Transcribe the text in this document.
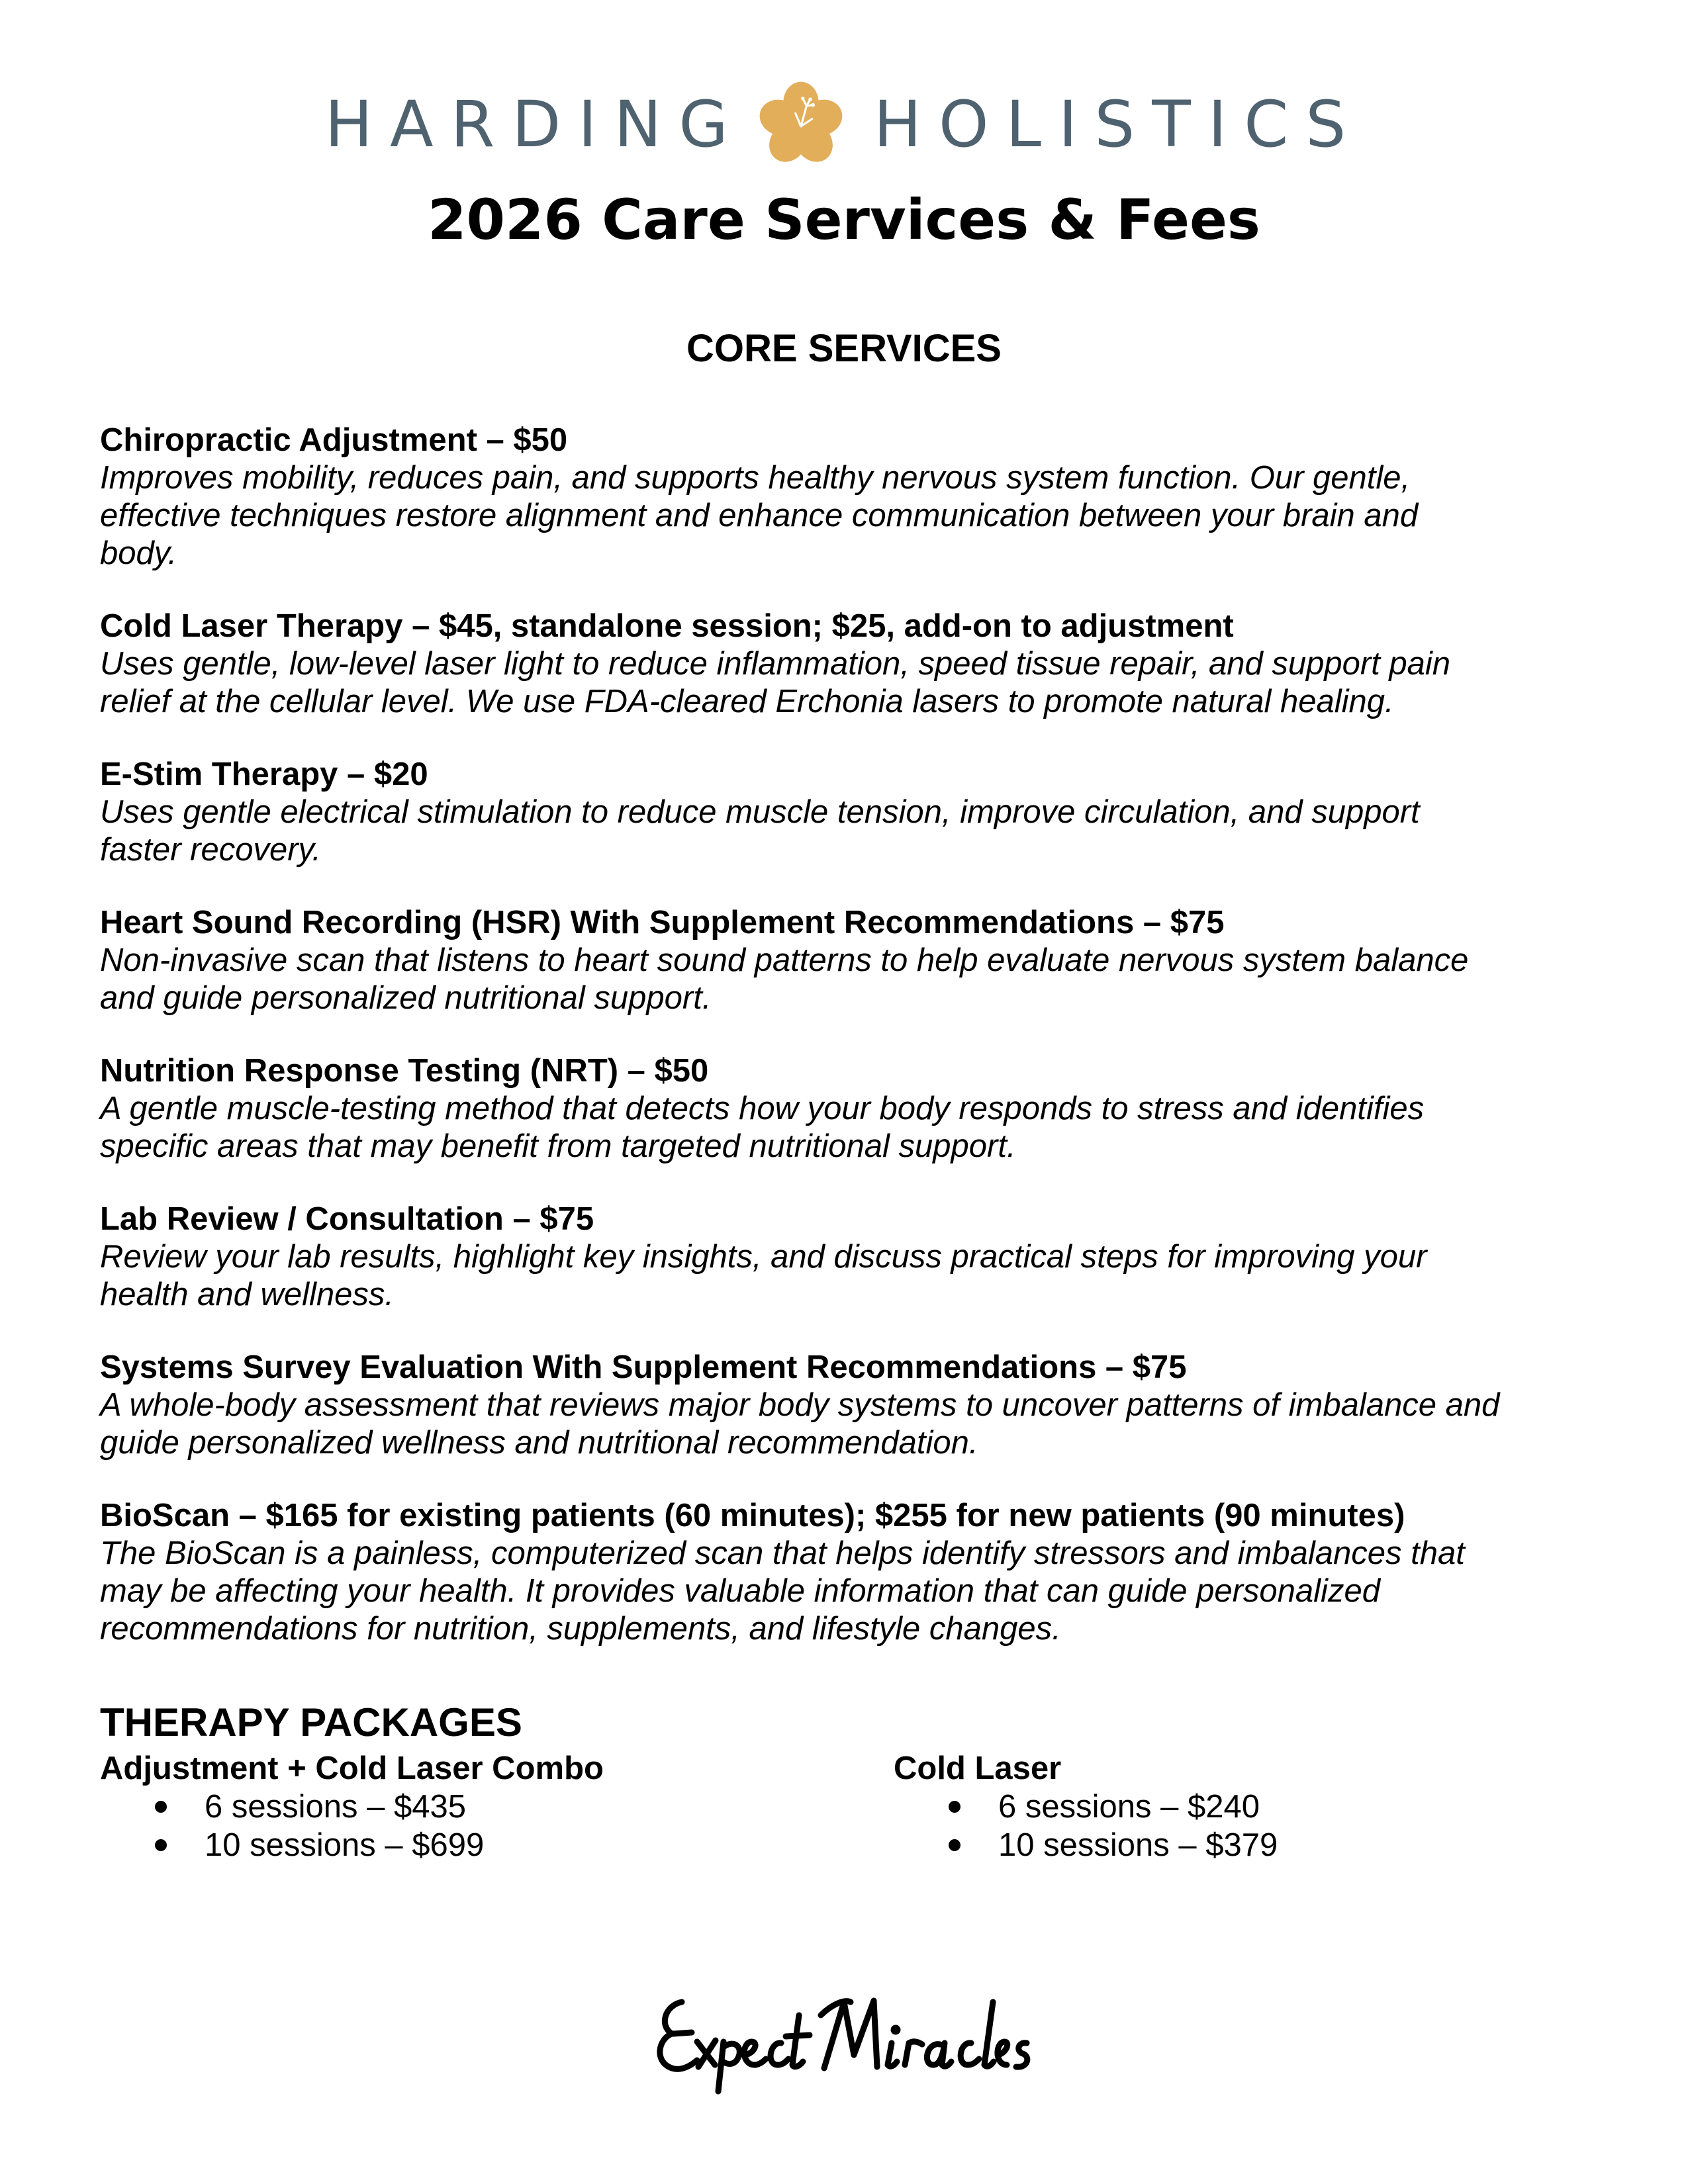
HARDING HOLISTICS
2026 Care Services & Fees
CORE SERVICES

Chiropractic Adjustment – $50

Improves mobility, reduces pain, and supports healthy nervous system function. Our gentle,
effective techniques restore alignment and enhance communication between your brain and
body.

Cold Laser Therapy – $45, standalone session; $25, add-on to adjustment

Uses gentle, low-level laser light to reduce inflammation, speed tissue repair, and support pain
relief at the cellular level. We use FDA-cleared Erchonia lasers to promote natural healing.

E-Stim Therapy – $20

Uses gentle electrical stimulation to reduce muscle tension, improve circulation, and support
faster recovery.

Heart Sound Recording (HSR) With Supplement Recommendations – $75

Non-invasive scan that listens to heart sound patterns to help evaluate nervous system balance
and guide personalized nutritional support.

Nutrition Response Testing (NRT) – $50

A gentle muscle-testing method that detects how your body responds to stress and identifies
specific areas that may benefit from targeted nutritional support.

Lab Review / Consultation – $75

Review your lab results, highlight key insights, and discuss practical steps for improving your
health and wellness.

Systems Survey Evaluation With Supplement Recommendations – $75

A whole-body assessment that reviews major body systems to uncover patterns of imbalance and
guide personalized wellness and nutritional recommendation.

BioScan – $165 for existing patients (60 minutes); $255 for new patients (90 minutes)

The BioScan is a painless, computerized scan that helps identify stressors and imbalances that
may be affecting your health. It provides valuable information that can guide personalized
recommendations for nutrition, supplements, and lifestyle changes.

THERAPY PACKAGES

Adjustment + Cold Laser Combo

6 sessions – $435
10 sessions – $699

Cold Laser

6 sessions – $240
10 sessions – $379
